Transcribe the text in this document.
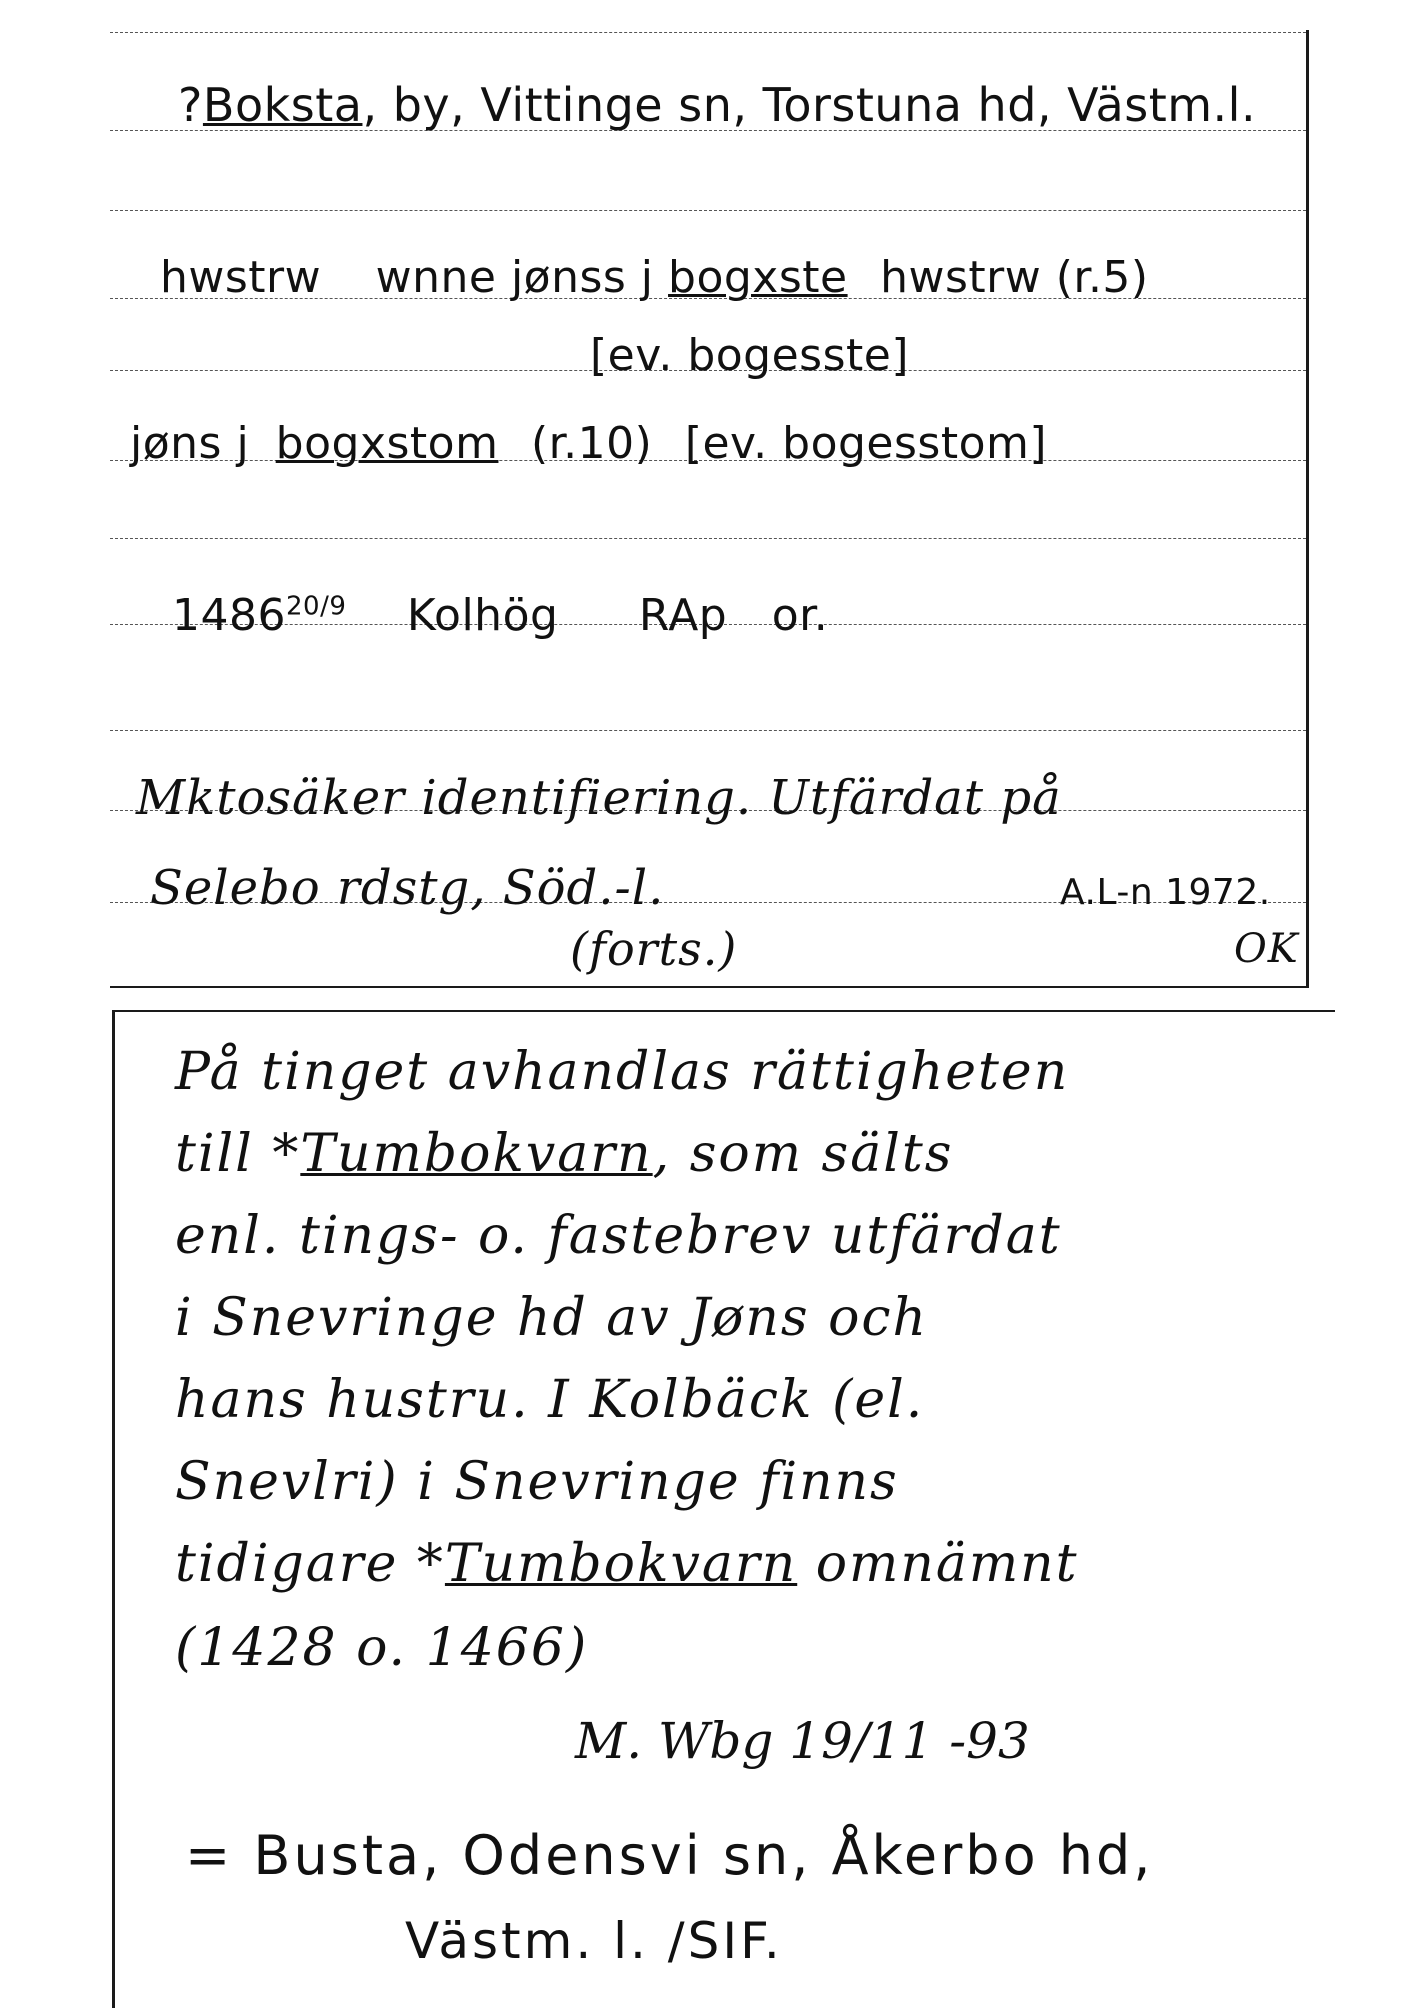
?Boksta, by, Vittinge sn, Torstuna hd, Västm.l.
hwstrw wnne jønss j bogxste hwstrw (r.5)
[ev. bogesste]
jøns j bogxstom (r.10) [ev. bogesstom]
$1486^{20/9}$ Kolhög RAp or.
Mktosäker identifiering. Utfärdat på
Selebo rdstg, Söd.-l.	A.L-n 1972.
(forts.)	OK
På tinget avhandlas rättigheten
till *Tumbokvarn, som sälts
enl. tings- o. fastebrev utfärdat
i Snevringe hd av Jøns och
hans hustru. I Kolbäck (el.
Snevlri) i Snevringe finns
tidigare *Tumbokvarn omnämnt
(1428 o. 1466)
M. Wbg 19/11 -93
= Busta, Odensvi sn, Åkerbo hd,
Västm. l. /SIF.
